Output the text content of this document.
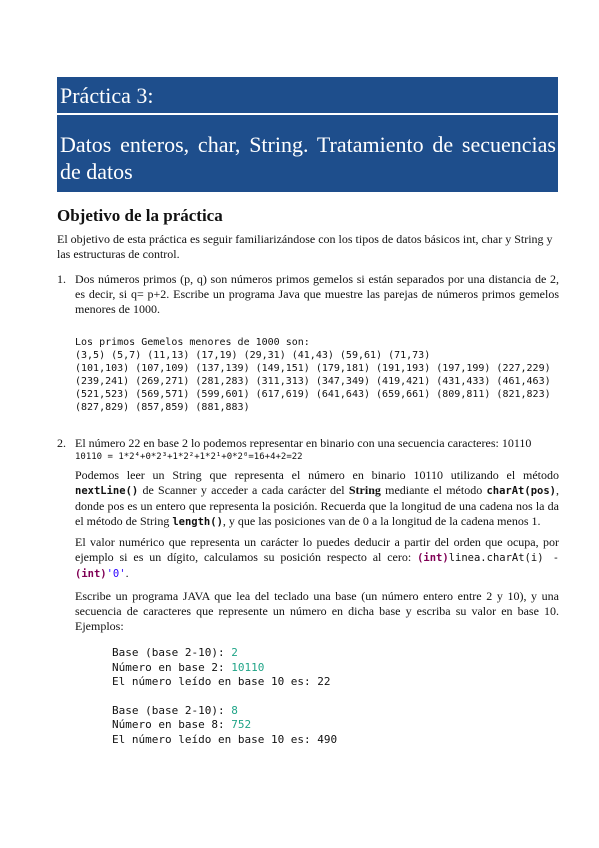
Práctica 3:
Datos enteros, char, String. Tratamiento de secuencias de datos
Objetivo de la práctica

El objetivo de esta práctica es seguir familiarizándose con los tipos de datos básicos int, char y String y las estructuras de control.

1. Dos números primos (p, q) son números primos gemelos si están separados por una distancia de 2, es decir, si q= p+2. Escribe un programa Java que muestre las parejas de números primos gemelos menores de 1000.

Los primos Gemelos menores de 1000 son:
(3,5) (5,7) (11,13) (17,19) (29,31) (41,43) (59,61) (71,73)
(101,103) (107,109) (137,139) (149,151) (179,181) (191,193) (197,199) (227,229)
(239,241) (269,271) (281,283) (311,313) (347,349) (419,421) (431,433) (461,463)
(521,523) (569,571) (599,601) (617,619) (641,643) (659,661) (809,811) (821,823)
(827,829) (857,859) (881,883)
2. El número 22 en base 2 lo podemos representar en binario con una secuencia caracteres: 10110

10110 = 1*2⁴+0*2³+1*2²+1*2¹+0*2⁰=16+4+2=22

Podemos leer un String que representa el número en binario 10110 utilizando el método nextLine() de Scanner y acceder a cada carácter del String mediante el método charAt(pos), donde pos es un entero que representa la posición. Recuerda que la longitud de una cadena nos la da el método de String length(), y que las posiciones van de 0 a la longitud de la cadena menos 1.

El valor numérico que representa un carácter lo puedes deducir a partir del orden que ocupa, por ejemplo si es un dígito, calculamos su posición respecto al cero: (int)linea.charAt(i) - (int)'0'.

Escribe un programa JAVA que lea del teclado una base (un número entero entre 2 y 10), y una secuencia de caracteres que represente un número en dicha base y escriba su valor en base 10. Ejemplos:

Base (base 2-10): 2
Número en base 2: 10110
El número leído en base 10 es: 22
Base (base 2-10): 8
Número en base 8: 752
El número leído en base 10 es: 490
